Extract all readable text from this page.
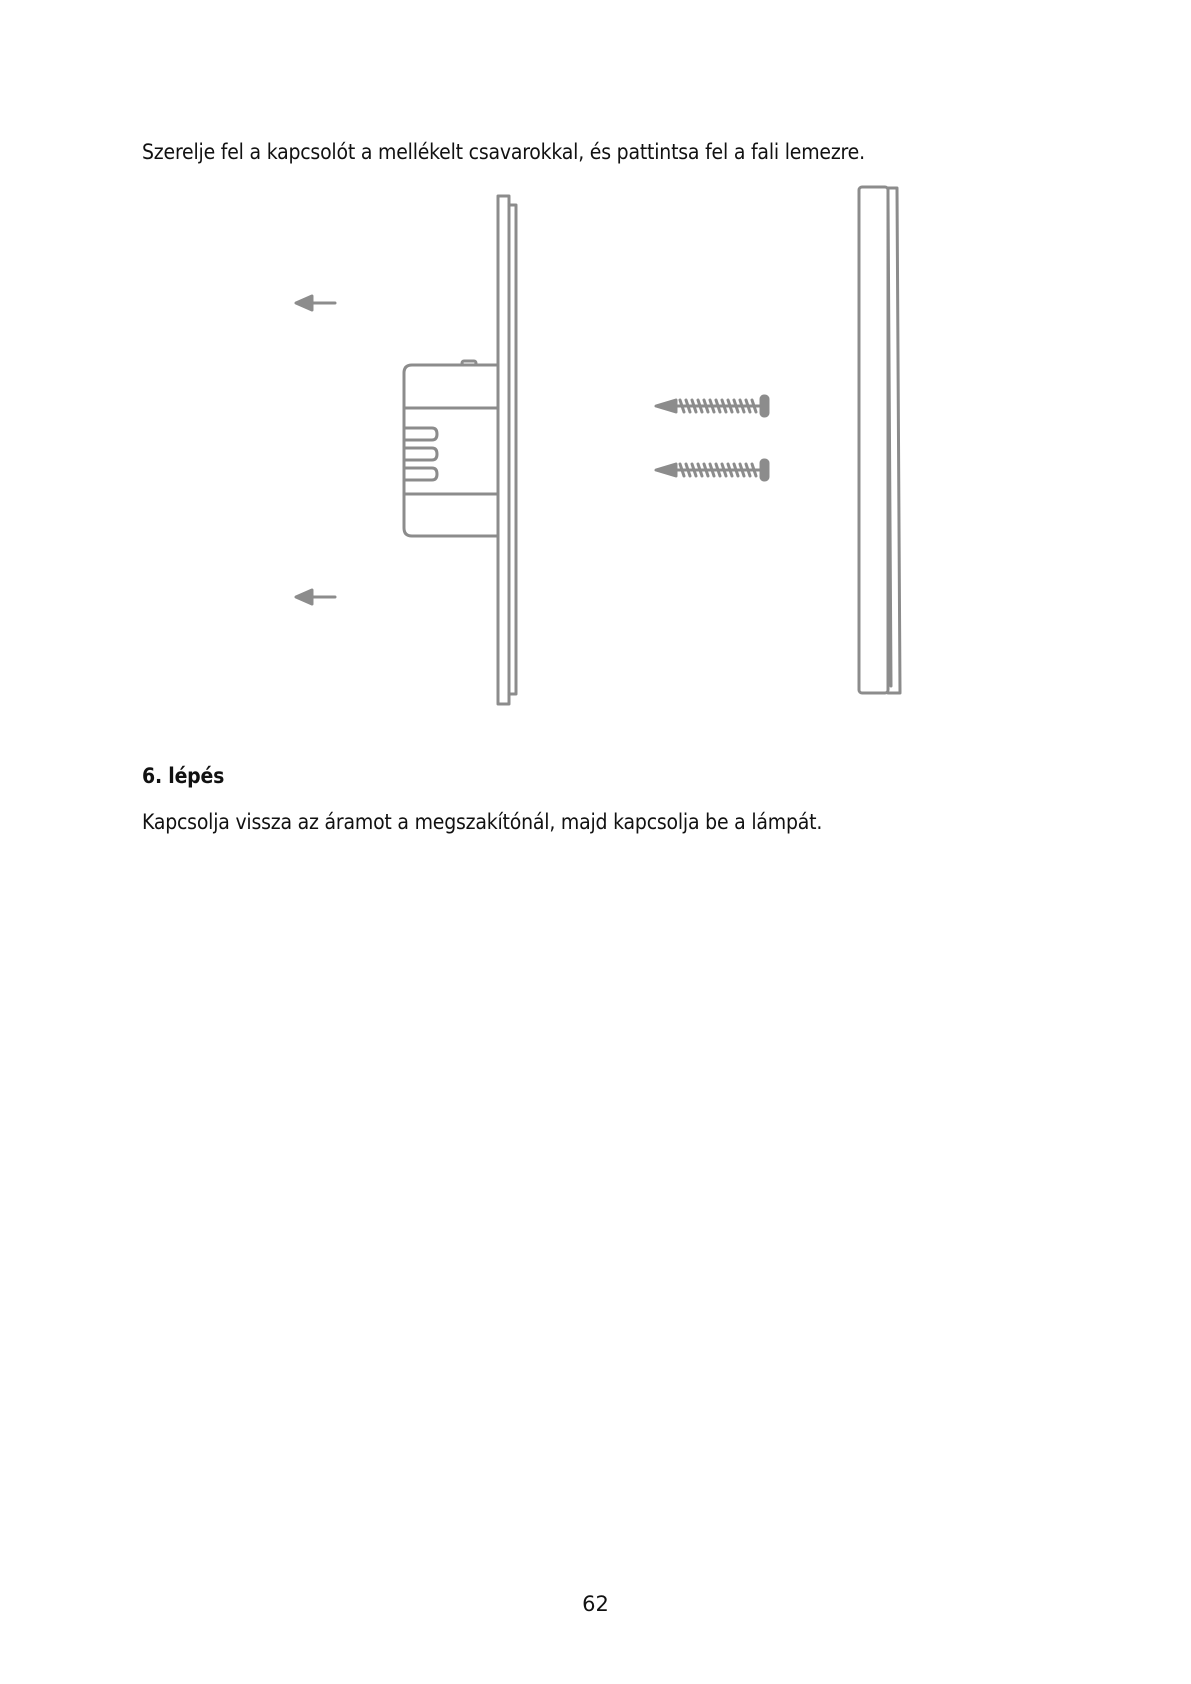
Szerelje fel a kapcsolót a mellékelt csavarokkal, és pattintsa fel a fali lemezre.

6. lépés

Kapcsolja vissza az áramot a megszakítónál, majd kapcsolja be a lámpát.

62
